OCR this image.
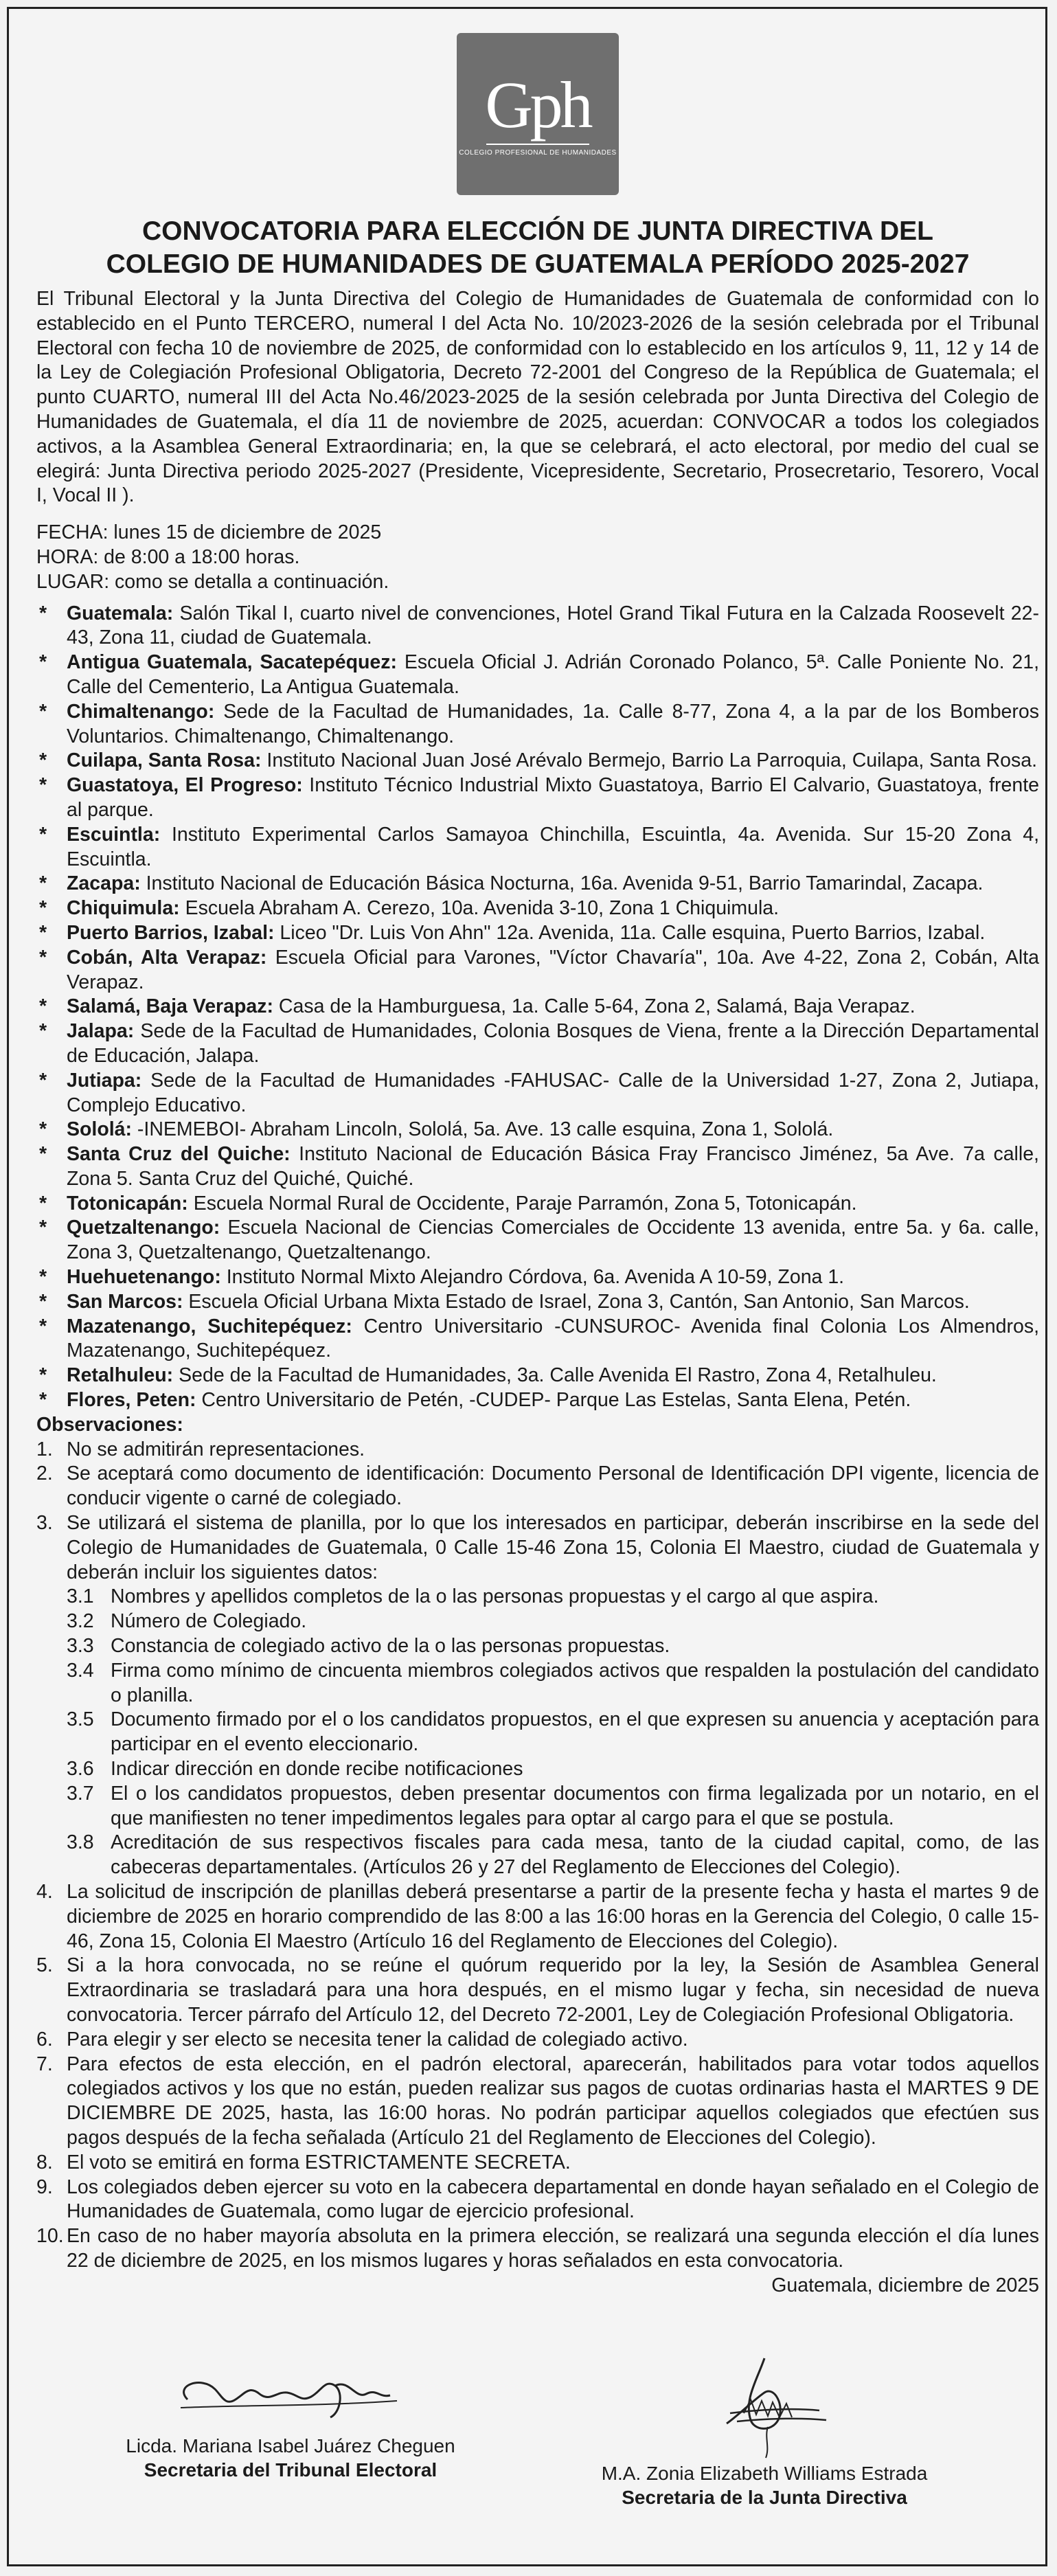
Gph
COLEGIO PROFESIONAL DE HUMANIDADES
CONVOCATORIA PARA ELECCIÓN DE JUNTA DIRECTIVA DEL
COLEGIO DE HUMANIDADES DE GUATEMALA PERÍODO 2025-2027

El Tribunal Electoral y la Junta Directiva del Colegio de Humanidades de Guatemala de conformidad con lo establecido en el Punto TERCERO, numeral I del Acta No. 10/2023-2026 de la sesión celebrada por el Tribunal Electoral con fecha 10 de noviembre de 2025, de conformidad con lo establecido en los artículos 9, 11, 12 y 14 de la Ley de Colegiación Profesional Obligatoria, Decreto 72-2001 del Congreso de la República de Guatemala; el punto CUARTO, numeral III del Acta No.46/2023-2025 de la sesión celebrada por Junta Directiva del Colegio de Humanidades de Guatemala, el día 11 de noviembre de 2025, acuerdan: CONVOCAR a todos los colegiados activos, a la Asamblea General Extraordinaria; en, la que se celebrará, el acto electoral, por medio del cual se elegirá: Junta Directiva periodo 2025-2027 (Presidente, Vicepresidente, Secretario, Prosecretario, Tesorero, Vocal I, Vocal II ).

FECHA: lunes 15 de diciembre de 2025

HORA: de 8:00 a 18:00 horas.

LUGAR: como se detalla a continuación.

* Guatemala: Salón Tikal I, cuarto nivel de convenciones, Hotel Grand Tikal Futura en la Calzada Roosevelt 22-43, Zona 11, ciudad de Guatemala.
* Antigua Guatemala, Sacatepéquez: Escuela Oficial J. Adrián Coronado Polanco, 5ª. Calle Poniente No. 21, Calle del Cementerio, La Antigua Guatemala.
* Chimaltenango: Sede de la Facultad de Humanidades, 1a. Calle 8-77, Zona 4, a la par de los Bomberos Voluntarios. Chimaltenango, Chimaltenango.
* Cuilapa, Santa Rosa: Instituto Nacional Juan José Arévalo Bermejo, Barrio La Parroquia, Cuilapa, Santa Rosa.
* Guastatoya, El Progreso: Instituto Técnico Industrial Mixto Guastatoya, Barrio El Calvario, Guastatoya, frente al parque.
* Escuintla: Instituto Experimental Carlos Samayoa Chinchilla, Escuintla, 4a. Avenida. Sur 15-20 Zona 4, Escuintla.
* Zacapa: Instituto Nacional de Educación Básica Nocturna, 16a. Avenida 9-51, Barrio Tamarindal, Zacapa.
* Chiquimula: Escuela Abraham A. Cerezo, 10a. Avenida 3-10, Zona 1 Chiquimula.
* Puerto Barrios, Izabal: Liceo "Dr. Luis Von Ahn" 12a. Avenida, 11a. Calle esquina, Puerto Barrios, Izabal.
* Cobán, Alta Verapaz: Escuela Oficial para Varones, "Víctor Chavaría", 10a. Ave 4-22, Zona 2, Cobán, Alta Verapaz.
* Salamá, Baja Verapaz: Casa de la Hamburguesa, 1a. Calle 5-64, Zona 2, Salamá, Baja Verapaz.
* Jalapa: Sede de la Facultad de Humanidades, Colonia Bosques de Viena, frente a la Dirección Departamental de Educación, Jalapa.
* Jutiapa: Sede de la Facultad de Humanidades -FAHUSAC- Calle de la Universidad 1-27, Zona 2, Jutiapa, Complejo Educativo.
* Sololá: -INEMEBOI- Abraham Lincoln, Sololá, 5a. Ave. 13 calle esquina, Zona 1, Sololá.
* Santa Cruz del Quiche: Instituto Nacional de Educación Básica Fray Francisco Jiménez, 5a Ave. 7a calle, Zona 5. Santa Cruz del Quiché, Quiché.
* Totonicapán: Escuela Normal Rural de Occidente, Paraje Parramón, Zona 5, Totonicapán.
* Quetzaltenango: Escuela Nacional de Ciencias Comerciales de Occidente 13 avenida, entre 5a. y 6a. calle, Zona 3, Quetzaltenango, Quetzaltenango.
* Huehuetenango: Instituto Normal Mixto Alejandro Córdova, 6a. Avenida A 10-59, Zona 1.
* San Marcos: Escuela Oficial Urbana Mixta Estado de Israel, Zona 3, Cantón, San Antonio, San Marcos.
* Mazatenango, Suchitepéquez: Centro Universitario -CUNSUROC- Avenida final Colonia Los Almendros, Mazatenango, Suchitepéquez.
* Retalhuleu: Sede de la Facultad de Humanidades, 3a. Calle Avenida El Rastro, Zona 4, Retalhuleu.
* Flores, Peten: Centro Universitario de Petén, -CUDEP- Parque Las Estelas, Santa Elena, Petén.

Observaciones:

1. No se admitirán representaciones.
2. Se aceptará como documento de identificación: Documento Personal de Identificación DPI vigente, licencia de conducir vigente o carné de colegiado.
3. Se utilizará el sistema de planilla, por lo que los interesados en participar, deberán inscribirse en la sede del Colegio de Humanidades de Guatemala, 0 Calle 15-46 Zona 15, Colonia El Maestro, ciudad de Guatemala y deberán incluir los siguientes datos:
3.1 Nombres y apellidos completos de la o las personas propuestas y el cargo al que aspira.
3.2 Número de Colegiado.
3.3 Constancia de colegiado activo de la o las personas propuestas.
3.4 Firma como mínimo de cincuenta miembros colegiados activos que respalden la postulación del candidato o planilla.
3.5 Documento firmado por el o los candidatos propuestos, en el que expresen su anuencia y aceptación para participar en el evento eleccionario.
3.6 Indicar dirección en donde recibe notificaciones
3.7 El o los candidatos propuestos, deben presentar documentos con firma legalizada por un notario, en el que manifiesten no tener impedimentos legales para optar al cargo para el que se postula.
3.8 Acreditación de sus respectivos fiscales para cada mesa, tanto de la ciudad capital, como, de las cabeceras departamentales. (Artículos 26 y 27 del Reglamento de Elecciones del Colegio).
4. La solicitud de inscripción de planillas deberá presentarse a partir de la presente fecha y hasta el martes 9 de diciembre de 2025 en horario comprendido de las 8:00 a las 16:00 horas en la Gerencia del Colegio, 0 calle 15-46, Zona 15, Colonia El Maestro (Artículo 16 del Reglamento de Elecciones del Colegio).
5. Si a la hora convocada, no se reúne el quórum requerido por la ley, la Sesión de Asamblea General Extraordinaria se trasladará para una hora después, en el mismo lugar y fecha, sin necesidad de nueva convocatoria. Tercer párrafo del Artículo 12, del Decreto 72-2001, Ley de Colegiación Profesional Obligatoria.
6. Para elegir y ser electo se necesita tener la calidad de colegiado activo.
7. Para efectos de esta elección, en el padrón electoral, aparecerán, habilitados para votar todos aquellos colegiados activos y los que no están, pueden realizar sus pagos de cuotas ordinarias hasta el MARTES 9 DE DICIEMBRE DE 2025, hasta, las 16:00 horas. No podrán participar aquellos colegiados que efectúen sus pagos después de la fecha señalada (Artículo 21 del Reglamento de Elecciones del Colegio).
8. El voto se emitirá en forma ESTRICTAMENTE SECRETA.
9. Los colegiados deben ejercer su voto en la cabecera departamental en donde hayan señalado en el Colegio de Humanidades de Guatemala, como lugar de ejercicio profesional.
10. En caso de no haber mayoría absoluta en la primera elección, se realizará una segunda elección el día lunes 22 de diciembre de 2025, en los mismos lugares y horas señalados en esta convocatoria.

Guatemala, diciembre de 2025

Licda. Mariana Isabel Juárez Cheguen
Secretaria del Tribunal Electoral	M.A. Zonia Elizabeth Williams Estrada
Secretaria de la Junta Directiva
